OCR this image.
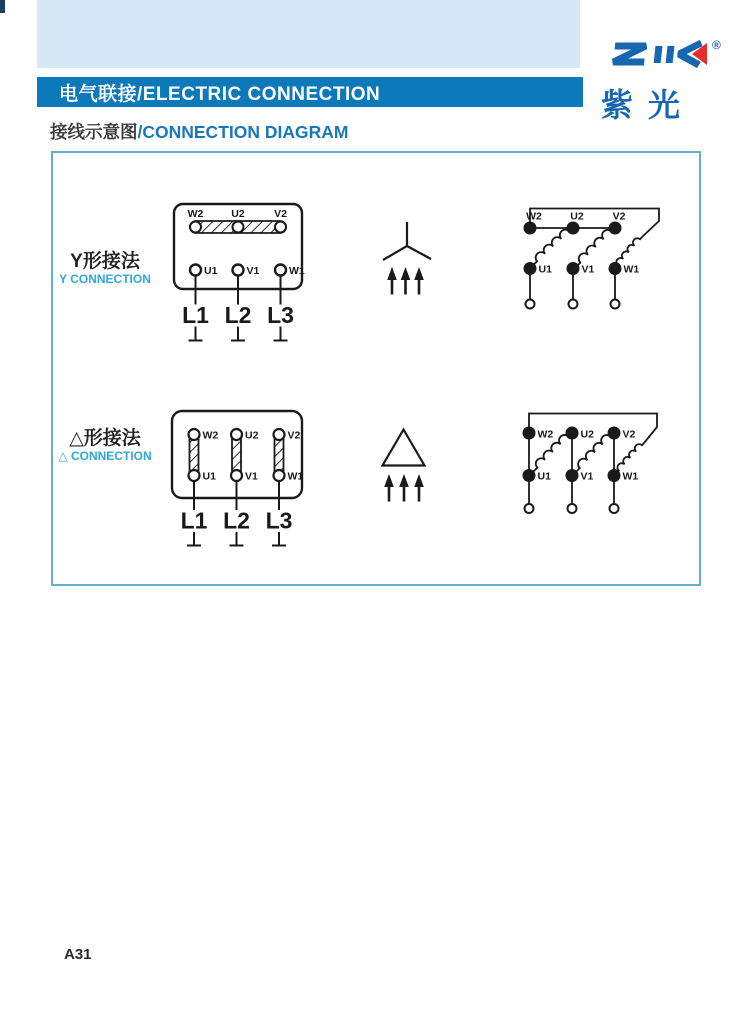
®
紫光
电气联接/ELECTRIC CONNECTION
接线示意图/CONNECTION DIAGRAM
Y形接法
Y CONNECTION
W2	U2	V2
U1	V1	W1
L1 L2 L3
W2	U2	V2
U1	V1	W1
△形接法
△ CONNECTION
W2	U2	V2
U1	V1	W1
L1 L2 L3
W2	U2	V2
U1	V1	W1
A31
